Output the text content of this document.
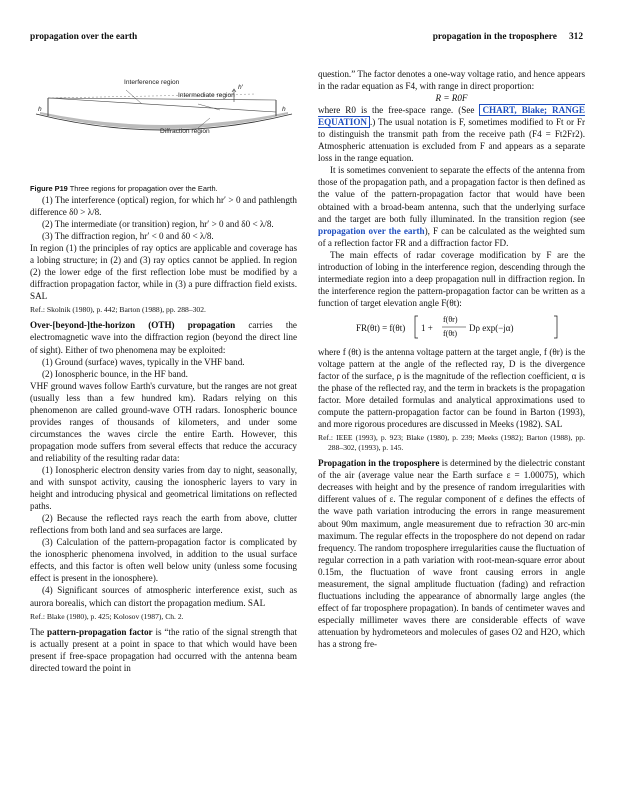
propagation over the earth	propagation in the troposphere 312
Interference region
Intermediate region
Diffraction region
h	h
h′

Figure P19 Three regions for propagation over the Earth.

(1) The interference (optical) region, for which hr′ > 0 and pathlength difference δ0 > λ/8.

(2) The intermediate (or transition) region, hr′ > 0 and δ0 < λ/8.

(3) The diffraction region, hr′ < 0 and δ0 < λ/8.

In region (1) the principles of ray optics are applicable and coverage has a lobing structure; in (2) and (3) ray optics cannot be applied. In region (2) the lower edge of the first reflection lobe must be modified by a diffraction propagation factor, while in (3) a pure diffraction field exists. SAL

Ref.: Skolnik (1980), p. 442; Barton (1988), pp. 288–302.

Over-[beyond-]the-horizon (OTH) propagation carries the electromagnetic wave into the diffraction region (beyond the direct line of sight). Either of two phenomena may be exploited:

(1) Ground (surface) waves, typically in the VHF band.

(2) Ionospheric bounce, in the HF band.

VHF ground waves follow Earth's curvature, but the ranges are not great (usually less than a few hundred km). Radars relying on this phenomenon are called ground-wave OTH radars. Ionospheric bounce provides ranges of thousands of kilometers, and under some circumstances the waves circle the entire Earth. However, this propagation mode suffers from several effects that reduce the accuracy and reliability of the resulting radar data:

(1) Ionospheric electron density varies from day to night, seasonally, and with sunspot activity, causing the ionospheric layers to vary in height and introducing physical and geometrical limitations on reflected paths.

(2) Because the reflected rays reach the earth from above, clutter reflections from both land and sea surfaces are large.

(3) Calculation of the pattern-propagation factor is complicated by the ionospheric phenomena involved, in addition to the usual surface effects, and this factor is often well below unity (unless some focusing effect is present in the ionosphere).

(4) Significant sources of atmospheric interference exist, such as aurora borealis, which can distort the propagation medium. SAL

Ref.: Blake (1980), p. 425; Kolosov (1987), Ch. 2.

The pattern-propagation factor is “the ratio of the signal strength that is actually present at a point in space to that which would have been present if free-space propagation had occurred with the antenna beam directed toward the point in

question.” The factor denotes a one-way voltage ratio, and hence appears in the radar equation as F4, with range in direct proportion:

R = R0F

where R0 is the free-space range. (See CHART, Blake; RANGE EQUATION .) The usual notation is F, sometimes modified to Ft or Fr to distinguish the transmit path from the receive path (F4 = Ft2Fr2). Atmospheric attenuation is excluded from F and appears as a separate loss in the range equation.

It is sometimes convenient to separate the effects of the antenna from those of the propagation path, and a propagation factor is then defined as the value of the pattern-propagation factor that would have been obtained with a broad-beam antenna, such that the underlying surface and the target are both fully illuminated. In the transition region (see propagation over the earth), F can be calculated as the weighted sum of a reflection factor FR and a diffraction factor FD.

The main effects of radar coverage modification by F are the introduction of lobing in the interference region, descending through the intermediate region into a deep propagation null in diffraction region. In the interference region the pattern-propagation factor can be written as a function of target elevation angle F(θt):

FR(θt) = f(θt) 1 +
f(θr)
f(θt)
Dρ exp(−jα)

where f (θt) is the antenna voltage pattern at the target angle, f (θr) is the voltage pattern at the angle of the reflected ray, D is the divergence factor of the surface, ρ is the magnitude of the reflection coefficient, α is the phase of the reflected ray, and the term in brackets is the propagation factor. More detailed formulas and analytical approximations used to compute the pattern-propagation factor can be found in Barton (1993), and more rigorous procedures are discussed in Meeks (1982). SAL

Ref.: IEEE (1993), p. 923; Blake (1980), p. 239; Meeks (1982); Barton (1988), pp. 288–302, (1993), p. 145.

Propagation in the troposphere is determined by the dielectric constant of the air (average value near the Earth surface ε = 1.00075), which decreases with height and by the presence of random irregularities with different values of ε. The regular component of ε defines the effects of the wave path variation introducing the errors in range measurement about 90m maximum, angle measurement due to refraction 30 arc-min maximum. The regular effects in the troposphere do not depend on radar frequency. The random troposphere irregularities cause the fluctuation of regular correction in a path variation with root-mean-square error about 0.15m, the fluctuation of wave front causing errors in angle measurement, the signal amplitude fluctuation (fading) and refraction fluctuations including the appearance of abnormally large angles (the effect of far troposphere propagation). In bands of centimeter waves and especially millimeter waves there are considerable effects of wave attenuation by hydrometeors and molecules of gases O2 and H2O, which has a strong fre-
